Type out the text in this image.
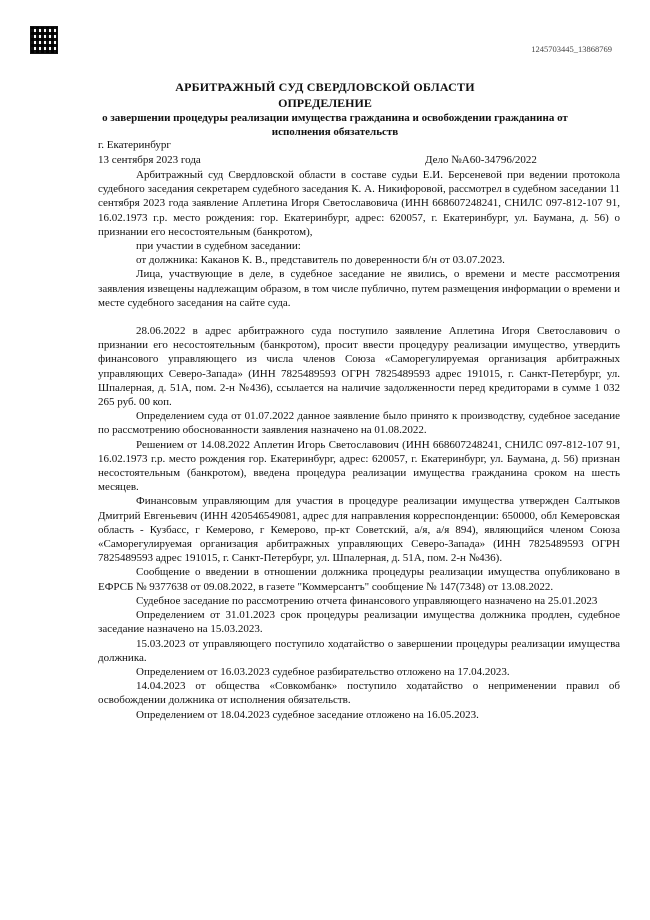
1245703445_13868769
АРБИТРАЖНЫЙ СУД СВЕРДЛОВСКОЙ ОБЛАСТИ
ОПРЕДЕЛЕНИЕ
о завершении процедуры реализации имущества гражданина и освобождении гражданина от исполнения обязательств
г. Екатеринбург
13 сентября 2023 года	Дело №А60-34796/2022

Арбитражный суд Свердловской области в составе судьи Е.И. Берсеневой при ведении протокола судебного заседания секретарем судебного заседания К. А. Никифоровой, рассмотрел в судебном заседании 11 сентября 2023 года заявление Аплетина Игоря Светославовича (ИНН 668607248241, СНИЛС 097-812-107 91, 16.02.1973 г.р. место рождения: гор. Екатеринбург, адрес: 620057, г. Екатеринбург, ул. Баумана, д. 56) о признании его несостоятельным (банкротом),

при участии в судебном заседании:

от должника: Каканов К. В., представитель по доверенности б/н от 03.07.2023.

Лица, участвующие в деле, в судебное заседание не явились, о времени и месте рассмотрения заявления извещены надлежащим образом, в том числе публично, путем размещения информации о времени и месте судебного заседания на сайте суда.

28.06.2022 в адрес арбитражного суда поступило заявление Аплетина Игоря Светославович о признании его несостоятельным (банкротом), просит ввести процедуру реализации имущество, утвердить финансового управляющего из числа членов Союза «Саморегулируемая организация арбитражных управляющих Северо-Запада» (ИНН 7825489593 ОГРН 7825489593 адрес 191015, г. Санкт-Петербург, ул. Шпалерная, д. 51А, пом. 2-н №436), ссылается на наличие задолженности перед кредиторами в сумме 1 032 265 руб. 00 коп.

Определением суда от 01.07.2022 данное заявление было принято к производству, судебное заседание по рассмотрению обоснованности заявления назначено на 01.08.2022.

Решением от 14.08.2022 Аплетин Игорь Светославович (ИНН 668607248241, СНИЛС 097-812-107 91, 16.02.1973 г.р. место рождения гор. Екатеринбург, адрес: 620057, г. Екатеринбург, ул. Баумана, д. 56) признан несостоятельным (банкротом), введена процедура реализации имущества гражданина сроком на шесть месяцев.

Финансовым управляющим для участия в процедуре реализации имущества утвержден Салтыков Дмитрий Евгеньевич (ИНН 420546549081, адрес для направления корреспонденции: 650000, обл Кемеровская область - Кузбасс, г Кемерово, г Кемерово, пр-кт Советский, а/я, а/я 894), являющийся членом Союза «Саморегулируемая организация арбитражных управляющих Северо-Запада» (ИНН 7825489593 ОГРН 7825489593 адрес 191015, г. Санкт-Петербург, ул. Шпалерная, д. 51А, пом. 2-н №436).

Сообщение о введении в отношении должника процедуры реализации имущества опубликовано в ЕФРСБ № 9377638 от 09.08.2022, в газете "Коммерсантъ" сообщение № 147(7348) от 13.08.2022.

Судебное заседание по рассмотрению отчета финансового управляющего назначено на 25.01.2023

Определением от 31.01.2023 срок процедуры реализации имущества должника продлен, судебное заседание назначено на 15.03.2023.

15.03.2023 от управляющего поступило ходатайство о завершении процедуры реализации имущества должника.

Определением от 16.03.2023 судебное разбирательство отложено на 17.04.2023.

14.04.2023 от общества «Совкомбанк» поступило ходатайство о неприменении правил об освобождении должника от исполнения обязательств.

Определением от 18.04.2023 судебное заседание отложено на 16.05.2023.
